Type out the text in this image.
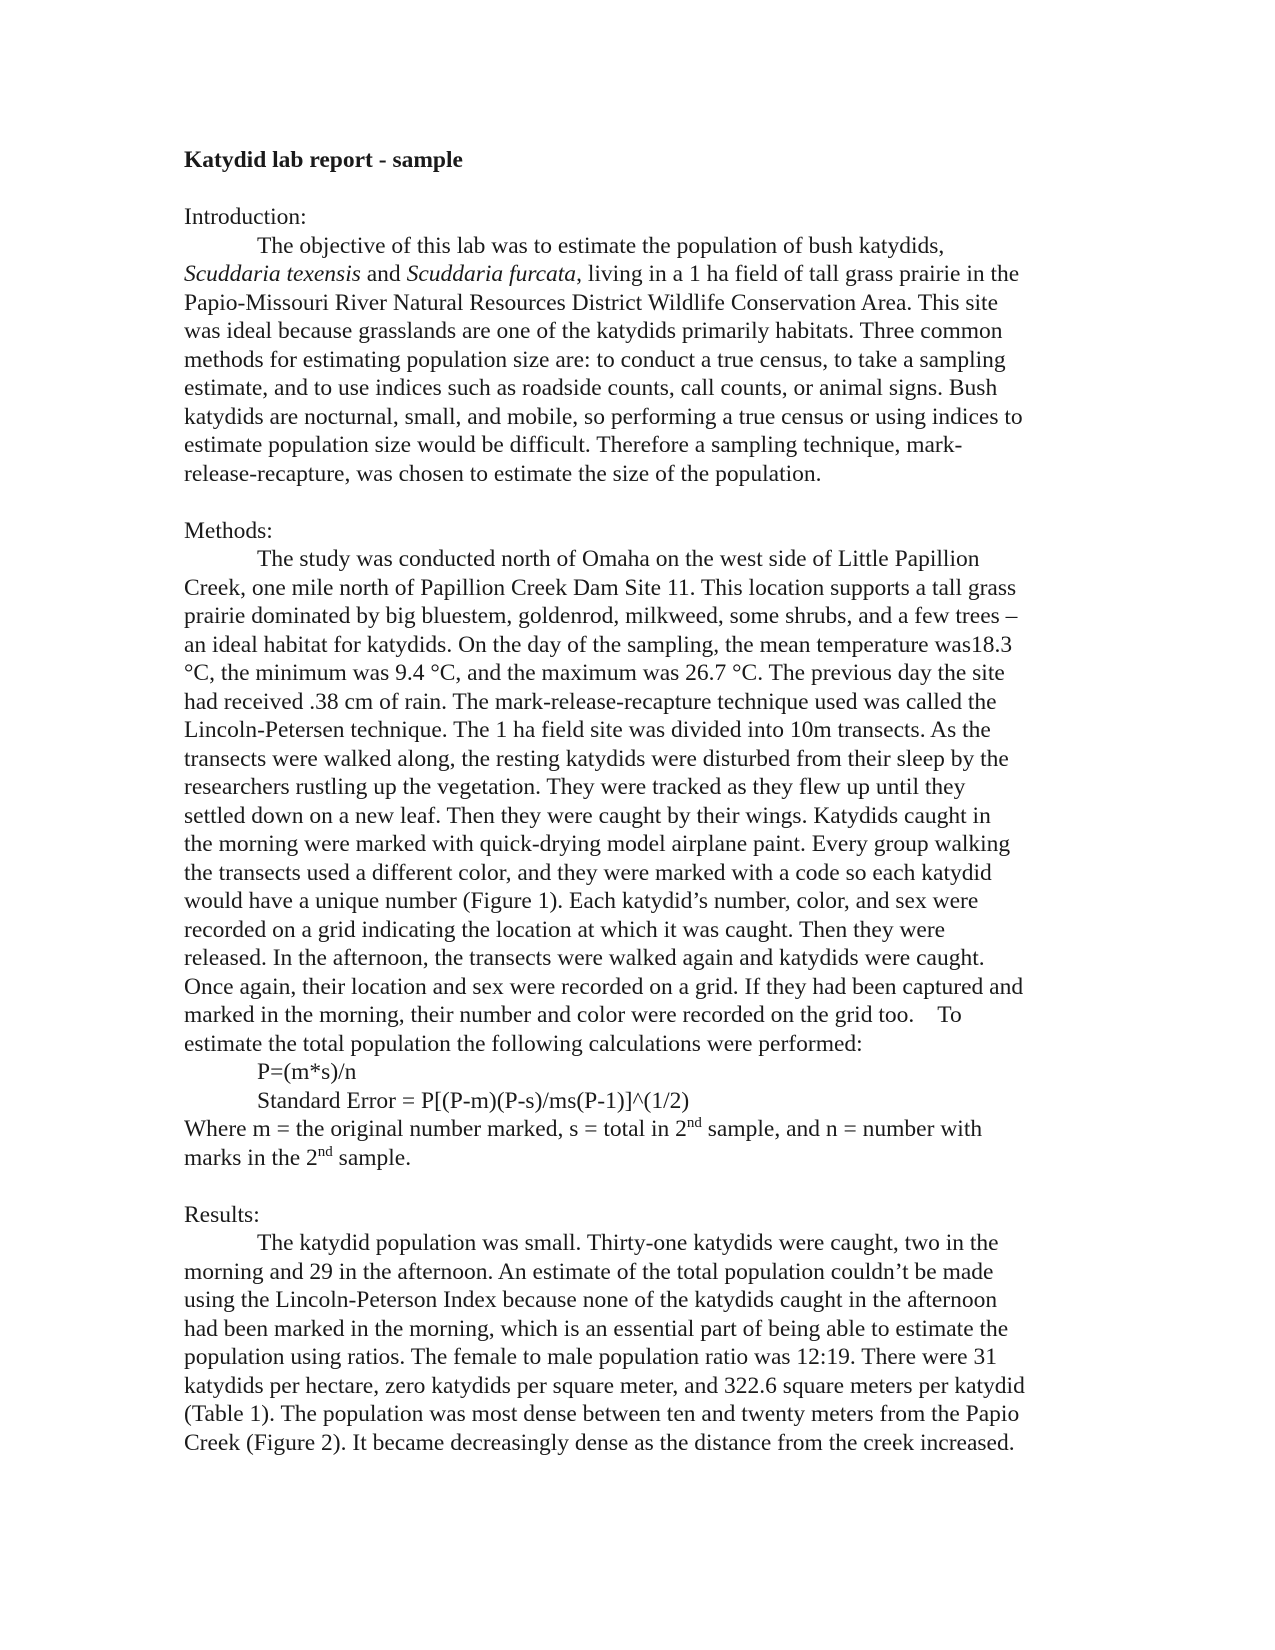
Katydid lab report - sample
Introduction:
The objective of this lab was to estimate the population of bush katydids,
Scuddaria texensis and Scuddaria furcata, living in a 1 ha field of tall grass prairie in the
Papio-Missouri River Natural Resources District Wildlife Conservation Area. This site
was ideal because grasslands are one of the katydids primarily habitats. Three common
methods for estimating population size are: to conduct a true census, to take a sampling
estimate, and to use indices such as roadside counts, call counts, or animal signs. Bush
katydids are nocturnal, small, and mobile, so performing a true census or using indices to
estimate population size would be difficult. Therefore a sampling technique, mark-
release-recapture, was chosen to estimate the size of the population.
Methods:
The study was conducted north of Omaha on the west side of Little Papillion
Creek, one mile north of Papillion Creek Dam Site 11. This location supports a tall grass
prairie dominated by big bluestem, goldenrod, milkweed, some shrubs, and a few trees –
an ideal habitat for katydids. On the day of the sampling, the mean temperature was18.3
°C, the minimum was 9.4 °C, and the maximum was 26.7 °C. The previous day the site
had received .38 cm of rain. The mark-release-recapture technique used was called the
Lincoln-Petersen technique. The 1 ha field site was divided into 10m transects. As the
transects were walked along, the resting katydids were disturbed from their sleep by the
researchers rustling up the vegetation. They were tracked as they flew up until they
settled down on a new leaf. Then they were caught by their wings. Katydids caught in
the morning were marked with quick-drying model airplane paint. Every group walking
the transects used a different color, and they were marked with a code so each katydid
would have a unique number (Figure 1). Each katydid’s number, color, and sex were
recorded on a grid indicating the location at which it was caught. Then they were
released. In the afternoon, the transects were walked again and katydids were caught.
Once again, their location and sex were recorded on a grid. If they had been captured and
marked in the morning, their number and color were recorded on the grid too.    To
estimate the total population the following calculations were performed:
P=(m*s)/n
Standard Error = P[(P-m)(P-s)/ms(P-1)]^(1/2)
Where m = the original number marked, s = total in 2nd sample, and n = number with
marks in the 2nd sample.
Results:
The katydid population was small. Thirty-one katydids were caught, two in the
morning and 29 in the afternoon. An estimate of the total population couldn’t be made
using the Lincoln-Peterson Index because none of the katydids caught in the afternoon
had been marked in the morning, which is an essential part of being able to estimate the
population using ratios. The female to male population ratio was 12:19. There were 31
katydids per hectare, zero katydids per square meter, and 322.6 square meters per katydid
(Table 1). The population was most dense between ten and twenty meters from the Papio
Creek (Figure 2). It became decreasingly dense as the distance from the creek increased.
